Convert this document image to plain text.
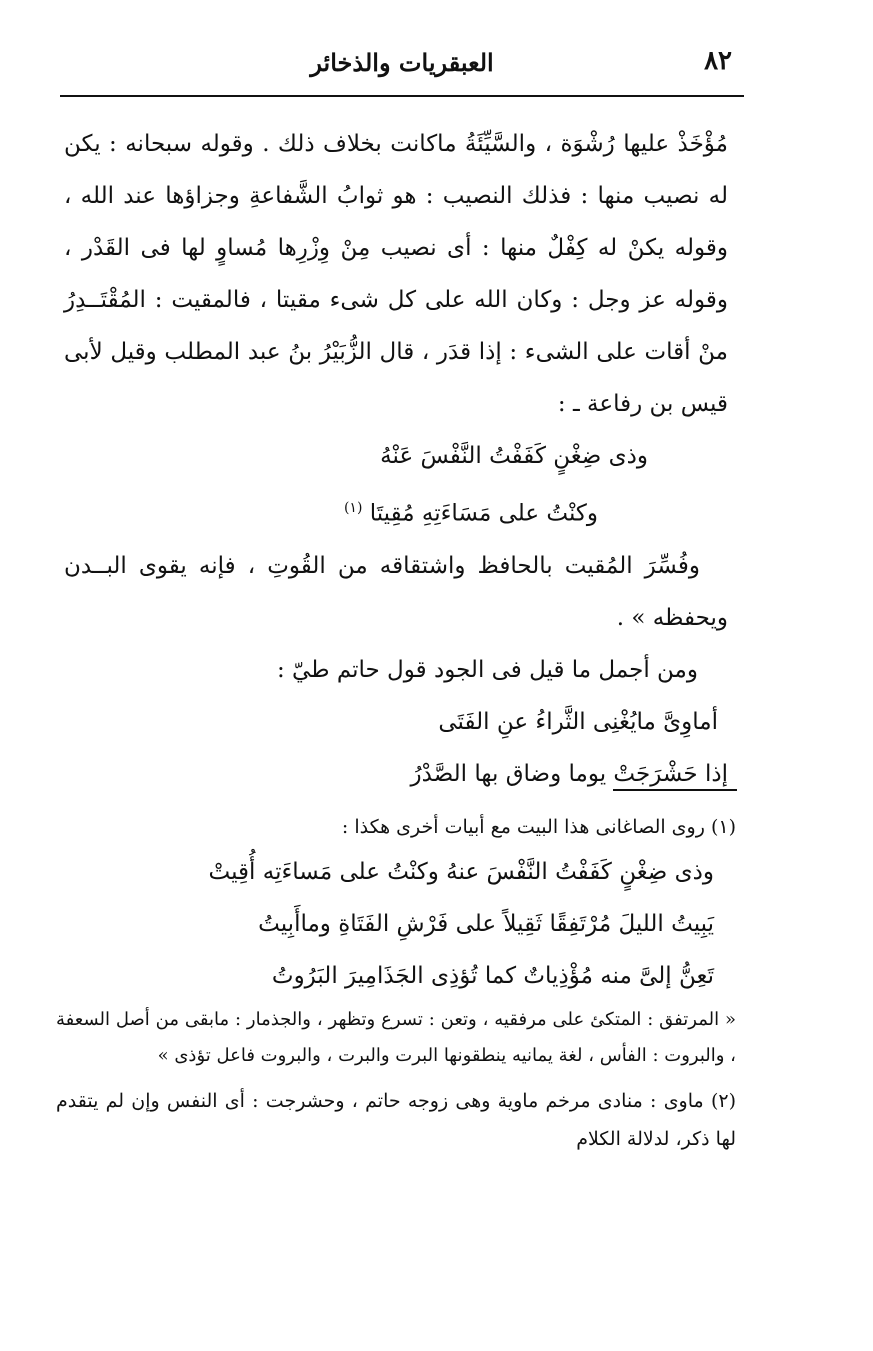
٨٢
العبقريات والذخائر

مُؤْخَذْ عليها رُشْوَة ، والسَّيِّئَةُ ماكانت بخلاف ذلك . وقوله سبحانه : يكن له نصيب منها : فذلك النصيب : هو ثوابُ الشَّفاعةِ وجزاؤها عند الله ، وقوله يكنْ له كِفْلٌ منها : أى نصيب مِنْ وِزْرِها مُساوٍ لها فى القَدْر ، وقوله عز وجل : وكان الله على كل شىء مقيتا ، فالمقيت : المُقْتَــدِرُ منْ أقات على الشىء : إذا قدَر ، قال الزُّبَيْرُ بنُ عبد المطلب وقيل لأبى قيس بن رفاعة ـ :

وذى ضِغْنٍ كَفَفْتُ النَّفْسَ عَنْهُ

وكنْتُ على مَسَاءَتِهِ مُقِيتَا $^{(١)}$

وفُسِّرَ المُقيت بالحافظ واشتقاقه من القُوتِ ، فإنه يقوى البــدن ويحفظه » .

ومن أجمل ما قيل فى الجود قول حاتم طيّ :

أماوِىَّ مايُغْنِى الثَّراءُ عنِ الفَتَى

إذا حَشْرَجَتْ يوما وضاق بها الصَّدْرُ

(١) روى الصاغانى هذا البيت مع أبيات أخرى هكذا :

وذى ضِغْنٍ كَفَفْتُ النَّفْسَ عنهُ وكنْتُ على مَساءَتِه أُقِيتْ

يَبِيتُ الليلَ مُرْتَفِقًا ثَقِيلاً على فَرْشِ الفَتَاةِ وماأَبِيتُ

تَعِنُّ إلىَّ منه مُؤْذِياتٌ كما تُؤذِى الجَذَامِيرَ البَرُوتُ

« المرتفق : المتكئ على مرفقيه ، وتعن : تسرع وتظهر ، والجذمار : مابقى من أصل السعفة ، والبروت : الفأس ، لغة يمانيه ينطقونها البرت والبرت ، والبروت فاعل تؤذى »

(٢) ماوى : منادى مرخم ماوية وهى زوجه حاتم ، وحشرجت : أى النفس وإن لم يتقدم لها ذكر، لدلالة الكلام
